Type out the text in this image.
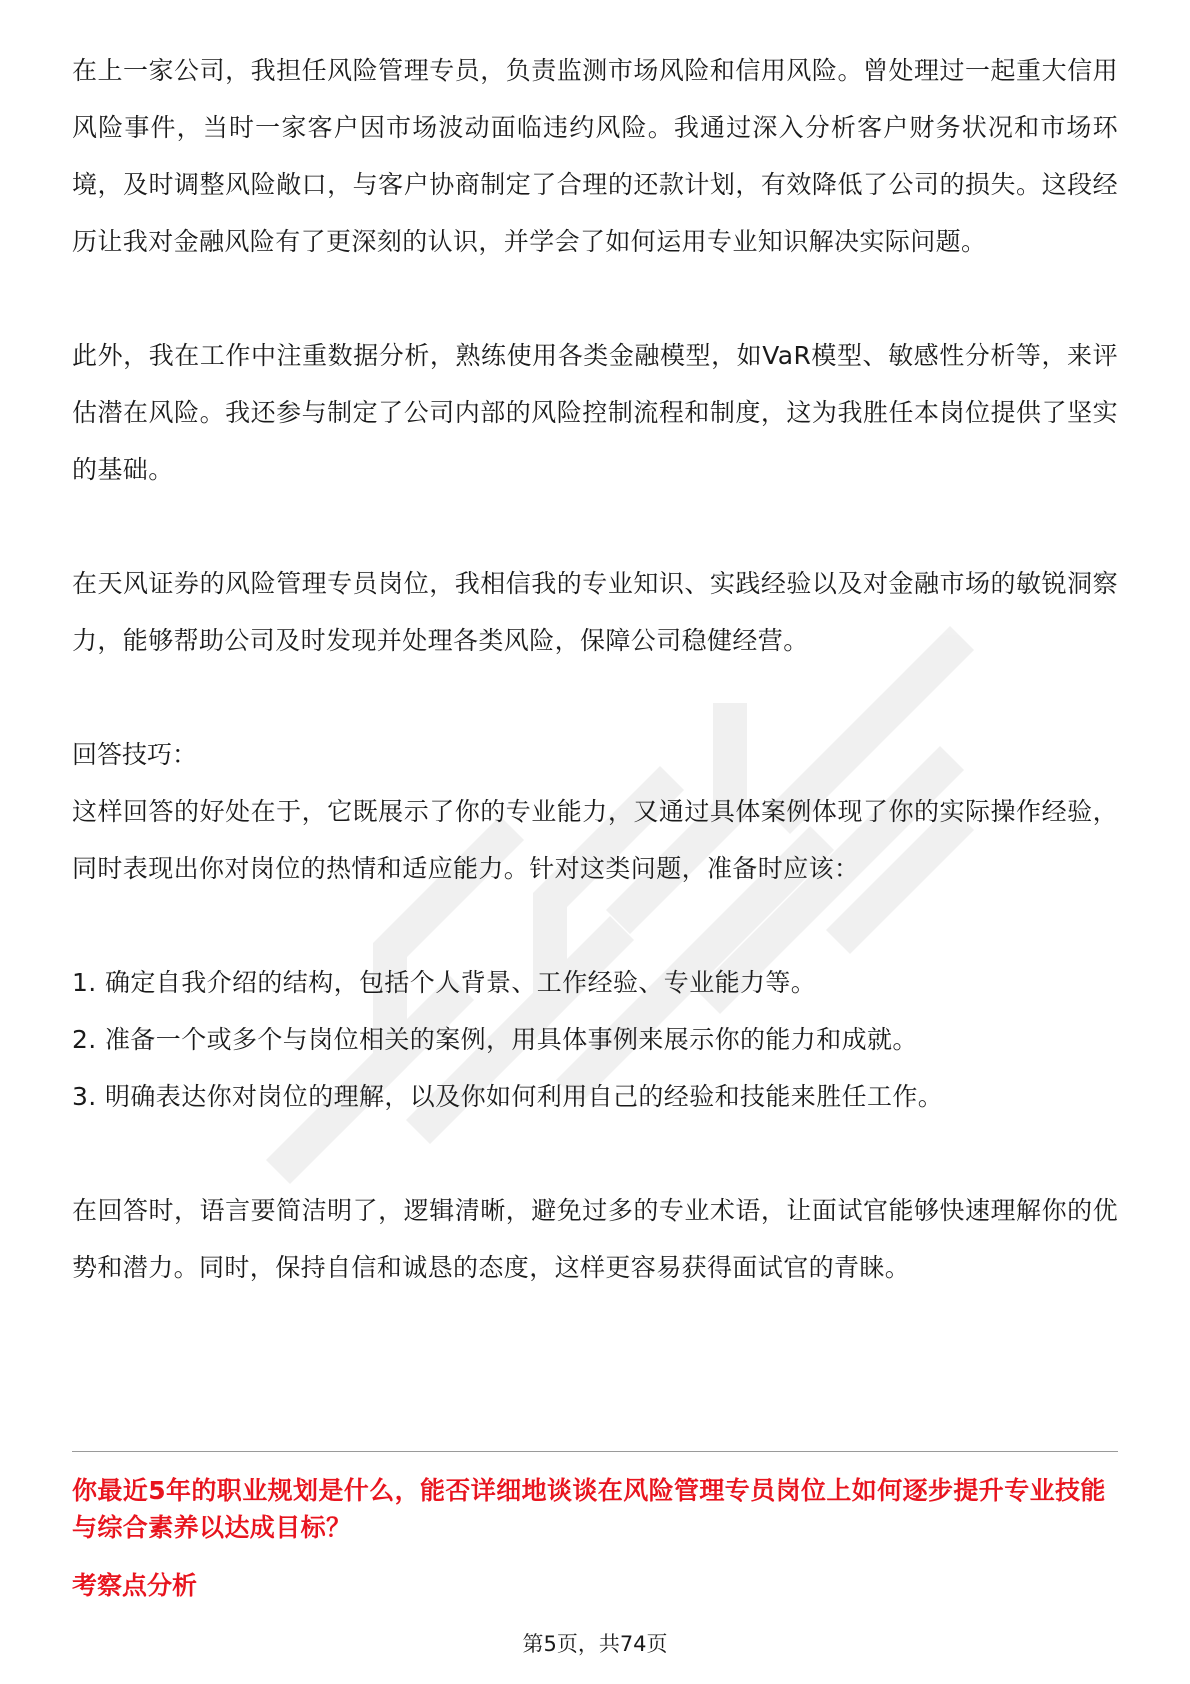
在上一家公司，我担任风险管理专员，负责监测市场风险和信用风险。曾处理过一起重大信用风险事件，当时一家客户因市场波动面临违约风险。我通过深入分析客户财务状况和市场环境，及时调整风险敞口，与客户协商制定了合理的还款计划，有效降低了公司的损失。这段经历让我对金融风险有了更深刻的认识，并学会了如何运用专业知识解决实际问题。

此外，我在工作中注重数据分析，熟练使用各类金融模型，如VaR模型、敏感性分析等，来评估潜在风险。我还参与制定了公司内部的风险控制流程和制度，这为我胜任本岗位提供了坚实的基础。

在天风证券的风险管理专员岗位，我相信我的专业知识、实践经验以及对金融市场的敏锐洞察力，能够帮助公司及时发现并处理各类风险，保障公司稳健经营。

回答技巧：

这样回答的好处在于，它既展示了你的专业能力，又通过具体案例体现了你的实际操作经验，同时表现出你对岗位的热情和适应能力。针对这类问题，准备时应该：

1. 确定自我介绍的结构，包括个人背景、工作经验、专业能力等。

2. 准备一个或多个与岗位相关的案例，用具体事例来展示你的能力和成就。

3. 明确表达你对岗位的理解，以及你如何利用自己的经验和技能来胜任工作。

在回答时，语言要简洁明了，逻辑清晰，避免过多的专业术语，让面试官能够快速理解你的优势和潜力。同时，保持自信和诚恳的态度，这样更容易获得面试官的青睐。

你最近5年的职业规划是什么，能否详细地谈谈在风险管理专员岗位上如何逐步提升专业技能与综合素养以达成目标？

考察点分析

第5页，共74页
